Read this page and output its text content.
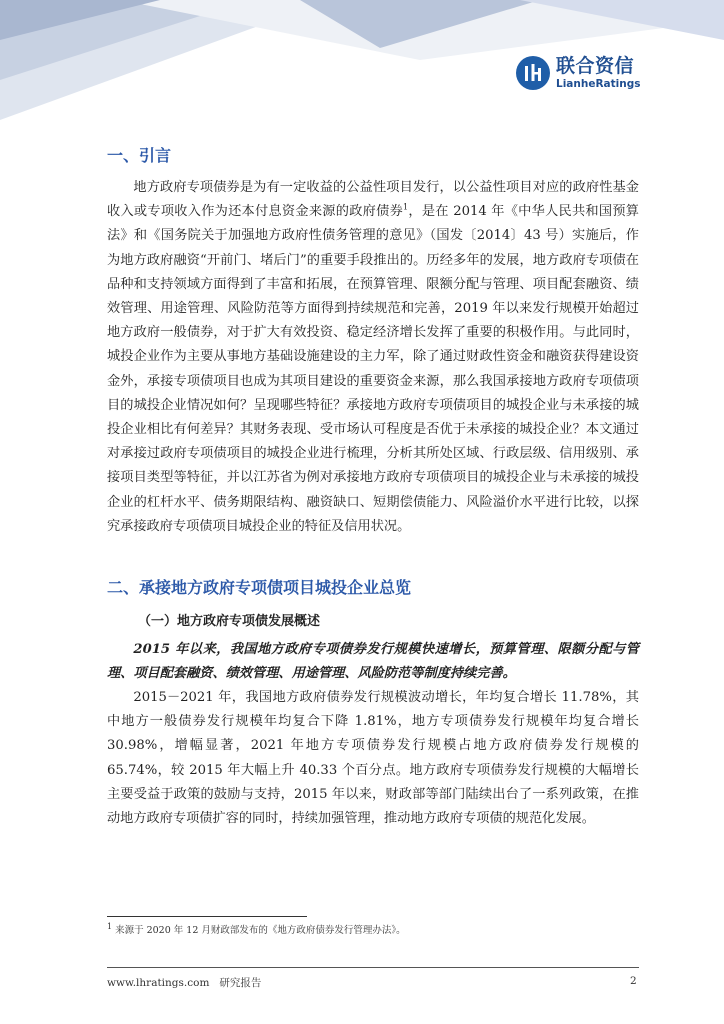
联合资信
LianheRatings
一、引言

地方政府专项债券是为有一定收益的公益性项目发行，以公益性项目对应的政府性基金收入或专项收入作为还本付息资金来源的政府债券$^1$，是在 2014 年《中华人民共和国预算法》和《国务院关于加强地方政府性债务管理的意见》（国发〔2014〕43 号）实施后，作为地方政府融资“开前门、堵后门”的重要手段推出的。历经多年的发展，地方政府专项债在品种和支持领域方面得到了丰富和拓展，在预算管理、限额分配与管理、项目配套融资、绩效管理、用途管理、风险防范等方面得到持续规范和完善，2019 年以来发行规模开始超过地方政府一般债券，对于扩大有效投资、稳定经济增长发挥了重要的积极作用。与此同时，城投企业作为主要从事地方基础设施建设的主力军，除了通过财政性资金和融资获得建设资金外，承接专项债项目也成为其项目建设的重要资金来源，那么我国承接地方政府专项债项目的城投企业情况如何？呈现哪些特征？承接地方政府专项债项目的城投企业与未承接的城投企业相比有何差异？其财务表现、受市场认可程度是否优于未承接的城投企业？本文通过对承接过政府专项债项目的城投企业进行梳理，分析其所处区域、行政层级、信用级别、承接项目类型等特征，并以江苏省为例对承接地方政府专项债项目的城投企业与未承接的城投企业的杠杆水平、债务期限结构、融资缺口、短期偿债能力、风险溢价水平进行比较，以探究承接政府专项债项目城投企业的特征及信用状况。

二、承接地方政府专项债项目城投企业总览
（一）地方政府专项债发展概述

2015 年以来，我国地方政府专项债券发行规模快速增长，预算管理、限额分配与管理、项目配套融资、绩效管理、用途管理、风险防范等制度持续完善。

2015－2021 年，我国地方政府债券发行规模波动增长，年均复合增长 11.78%，其中地方一般债券发行规模年均复合下降 1.81%，地方专项债券发行规模年均复合增长 30.98%，增幅显著，2021 年地方专项债券发行规模占地方政府债券发行规模的 65.74%，较 2015 年大幅上升 40.33 个百分点。地方政府专项债券发行规模的大幅增长主要受益于政策的鼓励与支持，2015 年以来，财政部等部门陆续出台了一系列政策，在推动地方政府专项债扩容的同时，持续加强管理，推动地方政府专项债的规范化发展。

$^1$ 来源于 2020 年 12 月财政部发布的《地方政府债券发行管理办法》。

www.lhratings.com 研究报告	2
